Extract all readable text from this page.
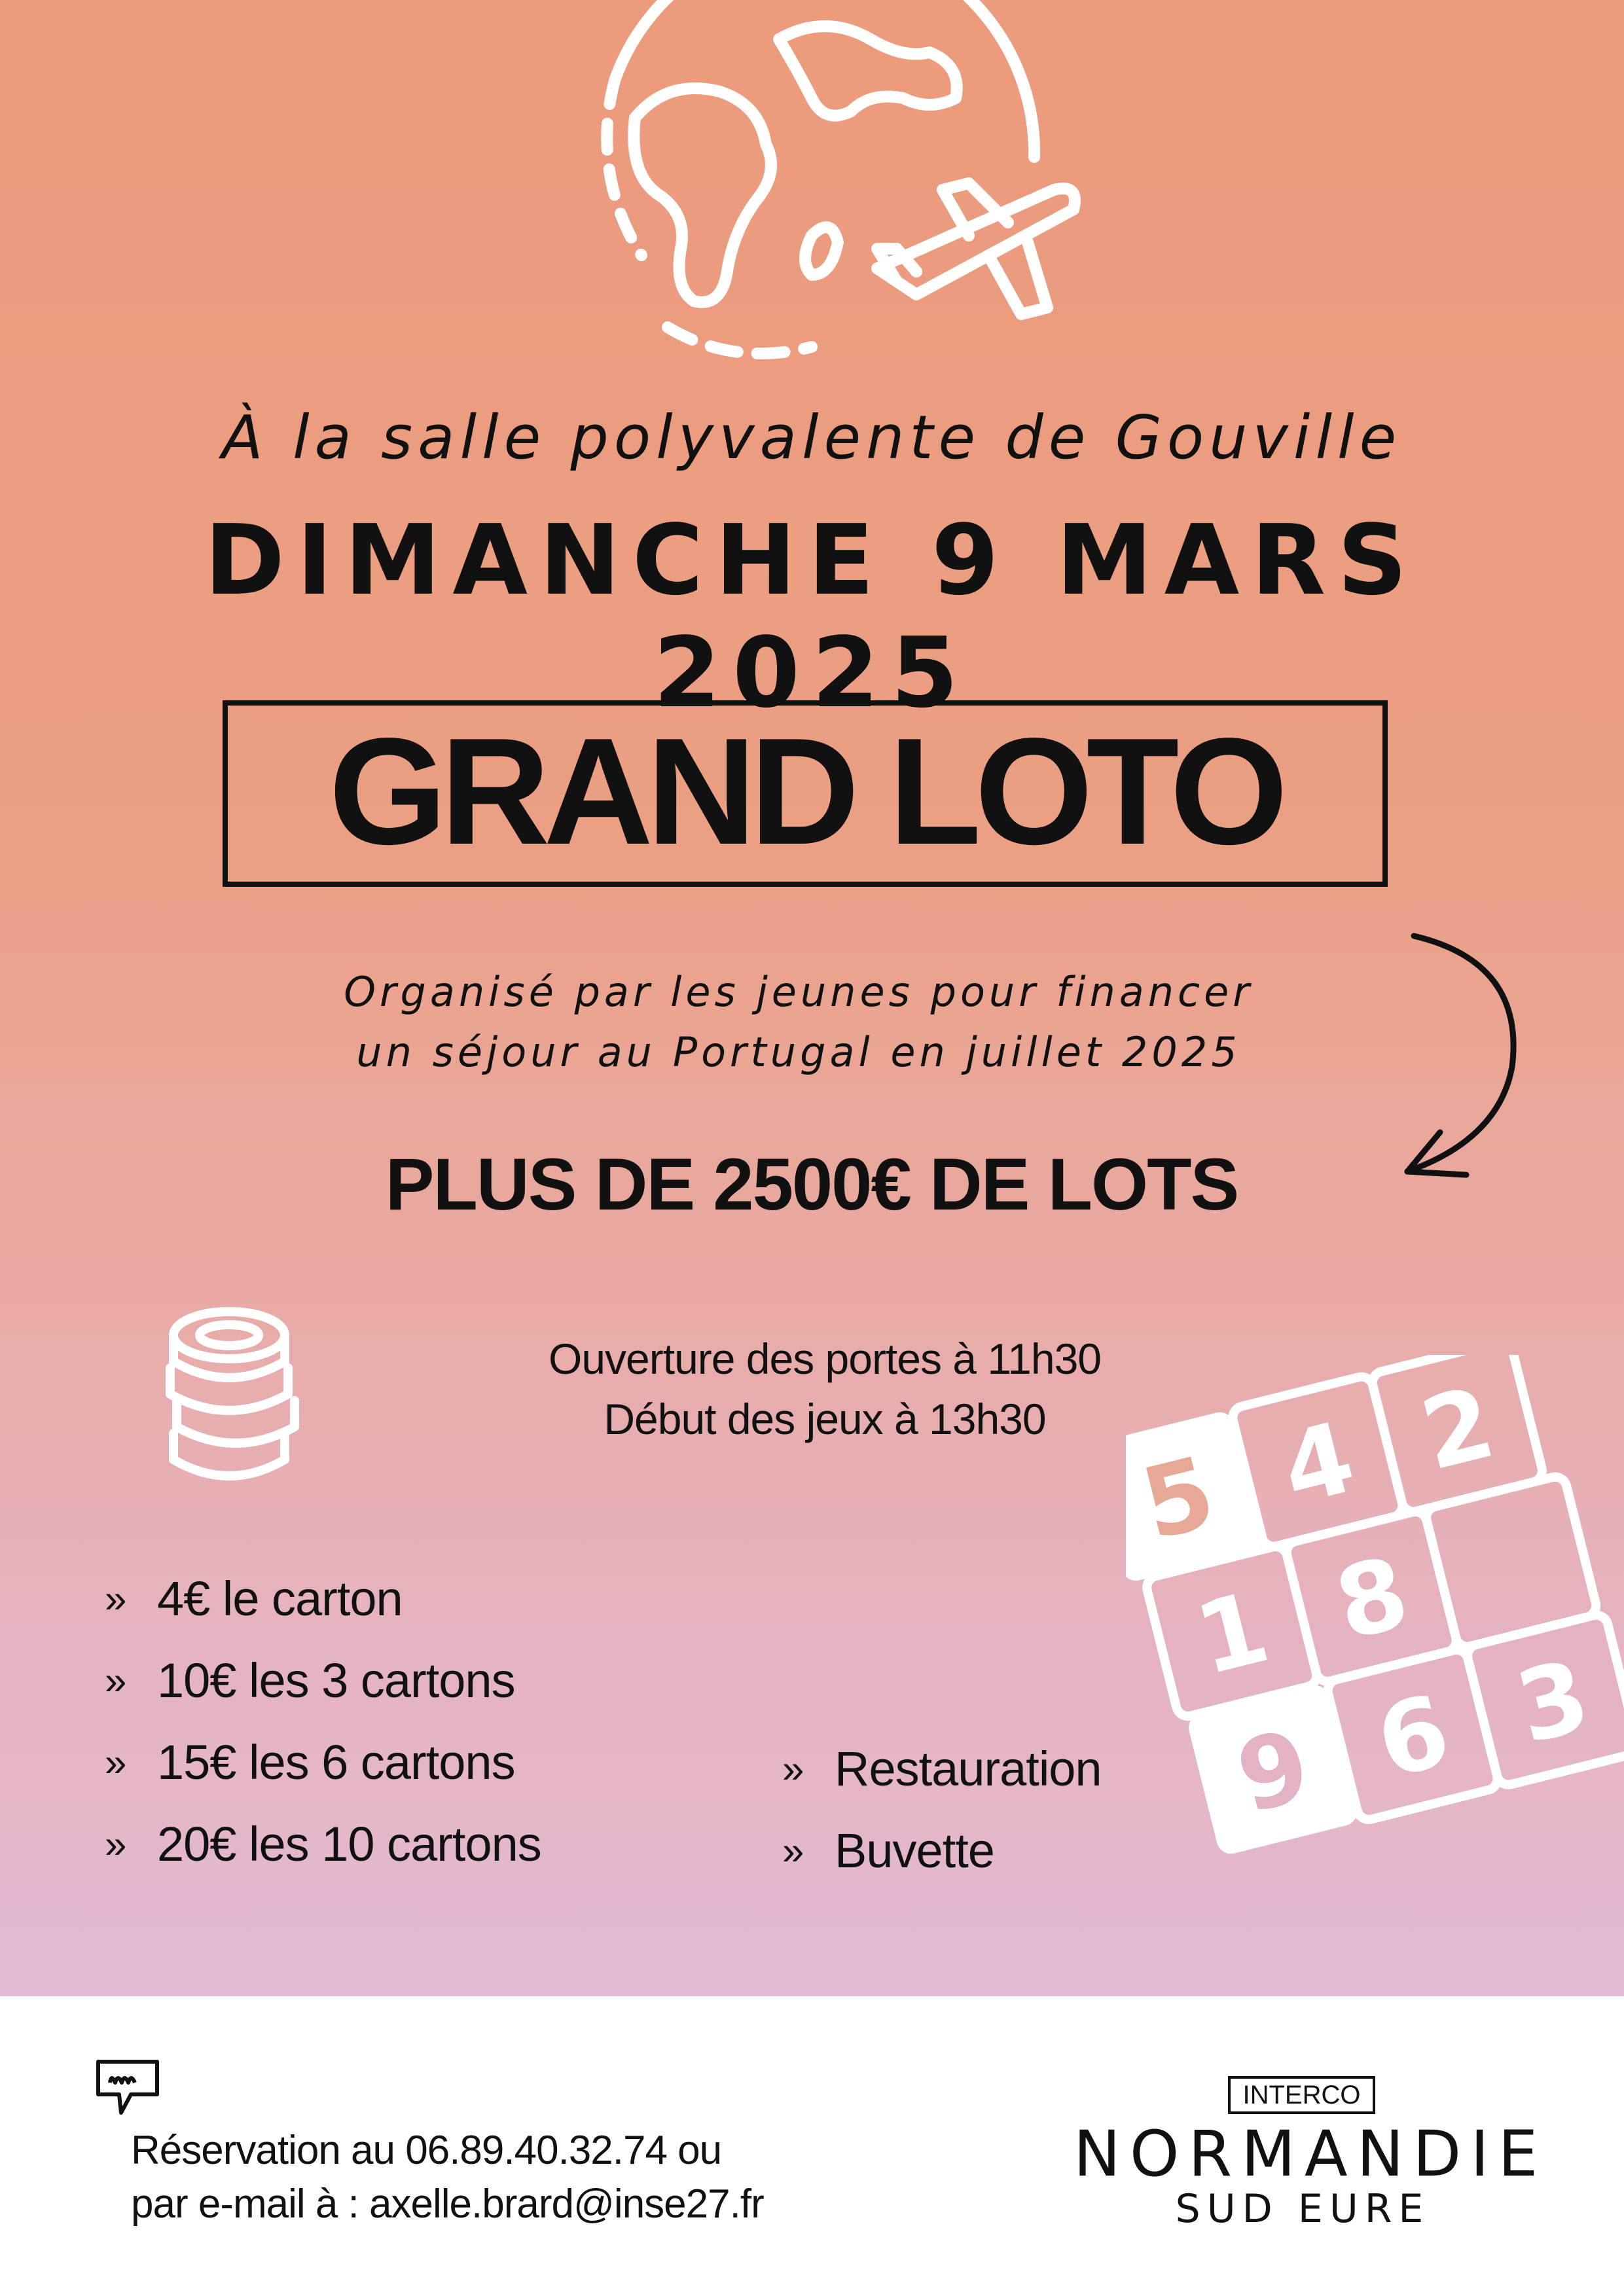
À la salle polyvalente de Gouville
DIMANCHE 9 MARS 2025
GRAND LOTO
Organisé par les jeunes pour financer
un séjour au Portugal en juillet 2025
PLUS DE 2500€ DE LOTS
Ouverture des portes à 11h30
Début des jeux à 13h30
5 4 2
1 8
9 6 3
» 4€ le carton
» 10€ les 3 cartons
» 15€ les 6 cartons
» 20€ les 10 cartons
» Restauration
» Buvette
Réservation au 06.89.40.32.74 ou
par e-mail à : axelle.brard@inse27.fr
INTERCO
NORMANDIE
SUD EURE
